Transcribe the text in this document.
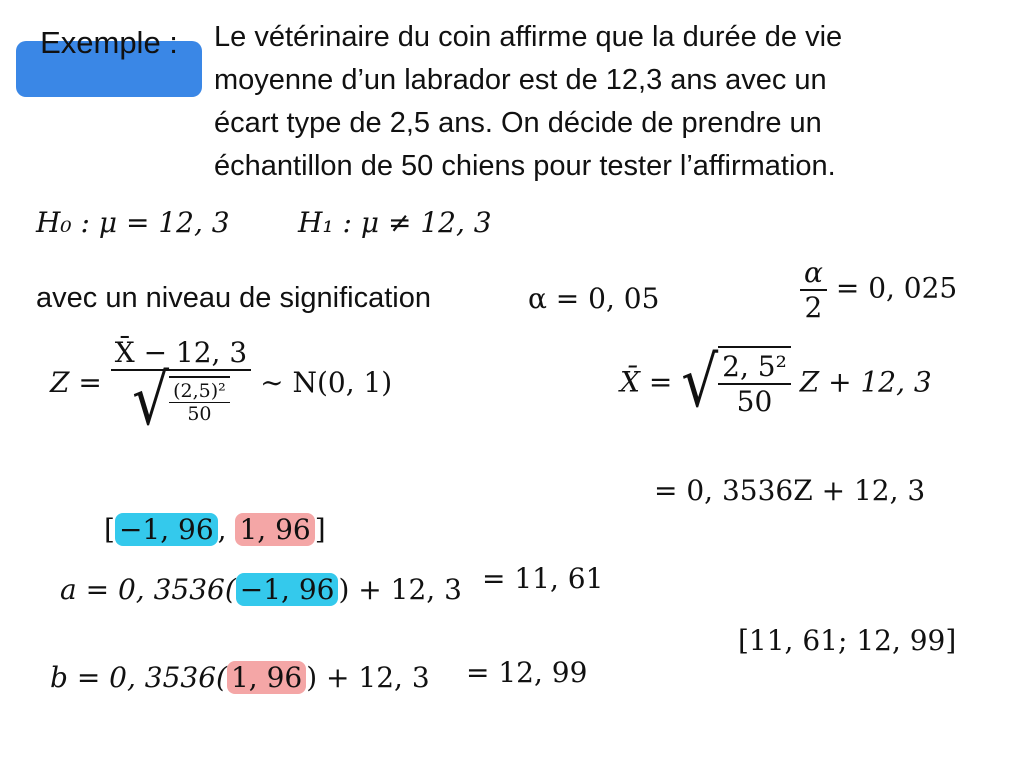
Exemple :	Le vétérinaire du coin affirme que la durée de vie
moyenne d’un labrador est de 12,3 ans avec un
écart type de 2,5 ans. On décide de prendre un
échantillon de 50 chiens pour tester l’affirmation.
H₀ : μ = 12, 3 H₁ : μ ≠ 12, 3
avec un niveau de signification	α = 0, 05	$\frac{\alpha}{2} = 0$, 025
$Z = \frac{X̄ - 12, 3}{√ \frac{\text{(2,5)²}}{50}}$ ∼ N(0, 1)	X̄ = √ $\frac{\text{2, 5²}}{50}$ Z + 12, 3
= 0, 3536Z + 12, 3
[ −1, 96 , 1, 96 ]
a = 0, 3536( −1, 96 ) + 12, 3 = 11, 61
[11, 61; 12, 99]
b = 0, 3536( 1, 96 ) + 12, 3 = 12, 99
